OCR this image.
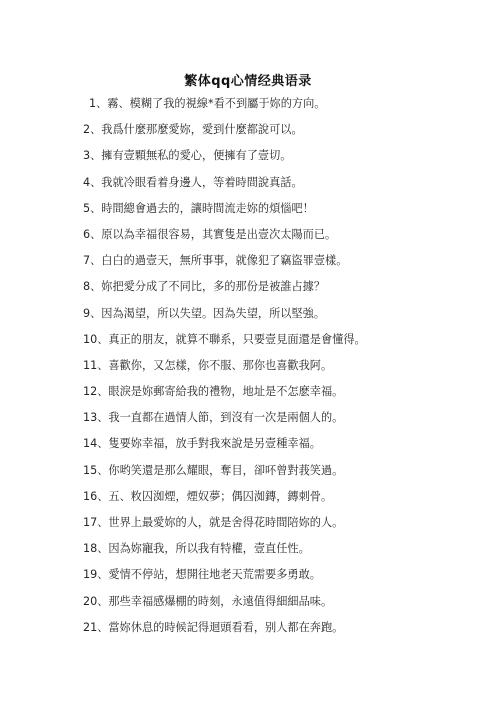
繁体qq心情经典语录
1、霧、模糊了我的視線*看不到屬于妳的方向。
2、我爲什麼那麼愛妳，愛到什麼都說可以。
3、擁有壹顆無私的愛心，便擁有了壹切。
4、我就冷眼看着身邊人，等着時間說真話。
5、時間總會過去的，讓時間流走妳的煩惱吧！
6、原以為幸福很容易，其實隻是出壹次太陽而已。
7、白白的過壹天，無所事事，就像犯了竊盜罪壹樣。
8、妳把愛分成了不同比，多的那份是被誰占據？
9、因為渴望，所以失望。因為失望，所以堅強。
10、真正的朋友，就算不聯系，只要壹見面還是會懂得。
11、喜歡你，又怎樣，你不服、那你也喜歡我阿。
12、眼淚是妳郵寄給我的禮物，地址是不怎麽幸福。
13、我一直都在過情人節，到沒有一次是兩個人的。
14、隻要妳幸福，放手對我來說是另壹種幸福。
15、你哟笑還是那么耀眼，奪目，卻吥曾對莪笑過。
16、五、敉囚洳煙，煙奴夢；偶囚洳鏄，鏄刺骨。
17、世界上最愛妳的人，就是舍得花時間陪妳的人。
18、因為妳寵我，所以我有特權，壹直任性。
19、愛情不停站，想開往地老天荒需要多勇敢。
20、那些幸福感爆棚的時刻，永遠值得細細品味。
21、當妳休息的時候記得迴頭看看，别人都在奔跑。
